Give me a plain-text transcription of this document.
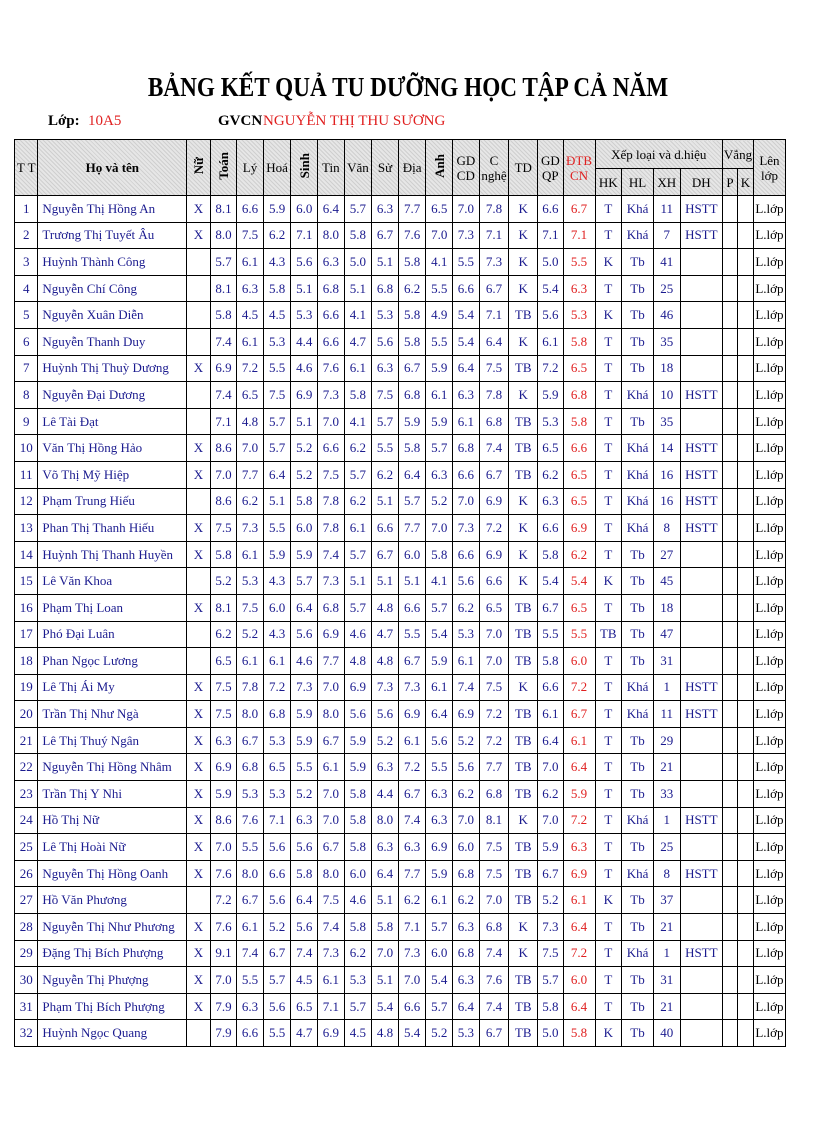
BẢNG KẾT QUẢ TU DƯỠNG HỌC TẬP CẢ NĂM
Lớp: 10A5	GVCN NGUYỄN THỊ THU SƯƠNG
T T	Họ và tên	Nữ	Toán	Lý	Hoá	Sinh	Tin	Văn	Sử	Địa	Anh	GD CD	C nghệ	TD	GD QP	ĐTB CN	Xếp loại và d.hiệu				Vắng		Lên lớp
																	HK	HL	XH	DH	P	K	
1	Nguyễn Thị Hồng An	X	8.1	6.6	5.9	6.0	6.4	5.7	6.3	7.7	6.5	7.0	7.8	K	6.6	6.7	T	Khá	11	HSTT			L.lớp
2	Trương Thị Tuyết Âu	X	8.0	7.5	6.2	7.1	8.0	5.8	6.7	7.6	7.0	7.3	7.1	K	7.1	7.1	T	Khá	7	HSTT			L.lớp
3	Huỳnh Thành Công		5.7	6.1	4.3	5.6	6.3	5.0	5.1	5.8	4.1	5.5	7.3	K	5.0	5.5	K	Tb	41				L.lớp
4	Nguyễn Chí Công		8.1	6.3	5.8	5.1	6.8	5.1	6.8	6.2	5.5	6.6	6.7	K	5.4	6.3	T	Tb	25				L.lớp
5	Nguyễn Xuân Diễn		5.8	4.5	4.5	5.3	6.6	4.1	5.3	5.8	4.9	5.4	7.1	TB	5.6	5.3	K	Tb	46				L.lớp
6	Nguyễn Thanh Duy		7.4	6.1	5.3	4.4	6.6	4.7	5.6	5.8	5.5	5.4	6.4	K	6.1	5.8	T	Tb	35				L.lớp
7	Huỳnh Thị Thuỳ Dương	X	6.9	7.2	5.5	4.6	7.6	6.1	6.3	6.7	5.9	6.4	7.5	TB	7.2	6.5	T	Tb	18				L.lớp
8	Nguyễn Đại Dương		7.4	6.5	7.5	6.9	7.3	5.8	7.5	6.8	6.1	6.3	7.8	K	5.9	6.8	T	Khá	10	HSTT			L.lớp
9	Lê Tài Đạt		7.1	4.8	5.7	5.1	7.0	4.1	5.7	5.9	5.9	6.1	6.8	TB	5.3	5.8	T	Tb	35				L.lớp
10	Văn Thị Hồng Hảo	X	8.6	7.0	5.7	5.2	6.6	6.2	5.5	5.8	5.7	6.8	7.4	TB	6.5	6.6	T	Khá	14	HSTT			L.lớp
11	Võ Thị Mỹ Hiệp	X	7.0	7.7	6.4	5.2	7.5	5.7	6.2	6.4	6.3	6.6	6.7	TB	6.2	6.5	T	Khá	16	HSTT			L.lớp
12	Phạm Trung Hiếu		8.6	6.2	5.1	5.8	7.8	6.2	5.1	5.7	5.2	7.0	6.9	K	6.3	6.5	T	Khá	16	HSTT			L.lớp
13	Phan Thị Thanh Hiếu	X	7.5	7.3	5.5	6.0	7.8	6.1	6.6	7.7	7.0	7.3	7.2	K	6.6	6.9	T	Khá	8	HSTT			L.lớp
14	Huỳnh Thị Thanh Huyền	X	5.8	6.1	5.9	5.9	7.4	5.7	6.7	6.0	5.8	6.6	6.9	K	5.8	6.2	T	Tb	27				L.lớp
15	Lê Văn Khoa		5.2	5.3	4.3	5.7	7.3	5.1	5.1	5.1	4.1	5.6	6.6	K	5.4	5.4	K	Tb	45				L.lớp
16	Phạm Thị Loan	X	8.1	7.5	6.0	6.4	6.8	5.7	4.8	6.6	5.7	6.2	6.5	TB	6.7	6.5	T	Tb	18				L.lớp
17	Phó Đại Luân		6.2	5.2	4.3	5.6	6.9	4.6	4.7	5.5	5.4	5.3	7.0	TB	5.5	5.5	TB	Tb	47				L.lớp
18	Phan Ngọc Lương		6.5	6.1	6.1	4.6	7.7	4.8	4.8	6.7	5.9	6.1	7.0	TB	5.8	6.0	T	Tb	31				L.lớp
19	Lê Thị Ái My	X	7.5	7.8	7.2	7.3	7.0	6.9	7.3	7.3	6.1	7.4	7.5	K	6.6	7.2	T	Khá	1	HSTT			L.lớp
20	Trần Thị Như Ngà	X	7.5	8.0	6.8	5.9	8.0	5.6	5.6	6.9	6.4	6.9	7.2	TB	6.1	6.7	T	Khá	11	HSTT			L.lớp
21	Lê Thị Thuý Ngân	X	6.3	6.7	5.3	5.9	6.7	5.9	5.2	6.1	5.6	5.2	7.2	TB	6.4	6.1	T	Tb	29				L.lớp
22	Nguyễn Thị Hồng Nhâm	X	6.9	6.8	6.5	5.5	6.1	5.9	6.3	7.2	5.5	5.6	7.7	TB	7.0	6.4	T	Tb	21				L.lớp
23	Trần Thị Y Nhi	X	5.9	5.3	5.3	5.2	7.0	5.8	4.4	6.7	6.3	6.2	6.8	TB	6.2	5.9	T	Tb	33				L.lớp
24	Hồ Thị Nữ	X	8.6	7.6	7.1	6.3	7.0	5.8	8.0	7.4	6.3	7.0	8.1	K	7.0	7.2	T	Khá	1	HSTT			L.lớp
25	Lê Thị Hoài Nữ	X	7.0	5.5	5.6	5.6	6.7	5.8	6.3	6.3	6.9	6.0	7.5	TB	5.9	6.3	T	Tb	25				L.lớp
26	Nguyễn Thị Hồng Oanh	X	7.6	8.0	6.6	5.8	8.0	6.0	6.4	7.7	5.9	6.8	7.5	TB	6.7	6.9	T	Khá	8	HSTT			L.lớp
27	Hồ Văn Phương		7.2	6.7	5.6	6.4	7.5	4.6	5.1	6.2	6.1	6.2	7.0	TB	5.2	6.1	K	Tb	37				L.lớp
28	Nguyễn Thị Như Phương	X	7.6	6.1	5.2	5.6	7.4	5.8	5.8	7.1	5.7	6.3	6.8	K	7.3	6.4	T	Tb	21				L.lớp
29	Đặng Thị Bích Phượng	X	9.1	7.4	6.7	7.4	7.3	6.2	7.0	7.3	6.0	6.8	7.4	K	7.5	7.2	T	Khá	1	HSTT			L.lớp
30	Nguyễn Thị Phượng	X	7.0	5.5	5.7	4.5	6.1	5.3	5.1	7.0	5.4	6.3	7.6	TB	5.7	6.0	T	Tb	31				L.lớp
31	Phạm Thị Bích Phượng	X	7.9	6.3	5.6	6.5	7.1	5.7	5.4	6.6	5.7	6.4	7.4	TB	5.8	6.4	T	Tb	21				L.lớp
32	Huỳnh Ngọc Quang		7.9	6.6	5.5	4.7	6.9	4.5	4.8	5.4	5.2	5.3	6.7	TB	5.0	5.8	K	Tb	40				L.lớp
